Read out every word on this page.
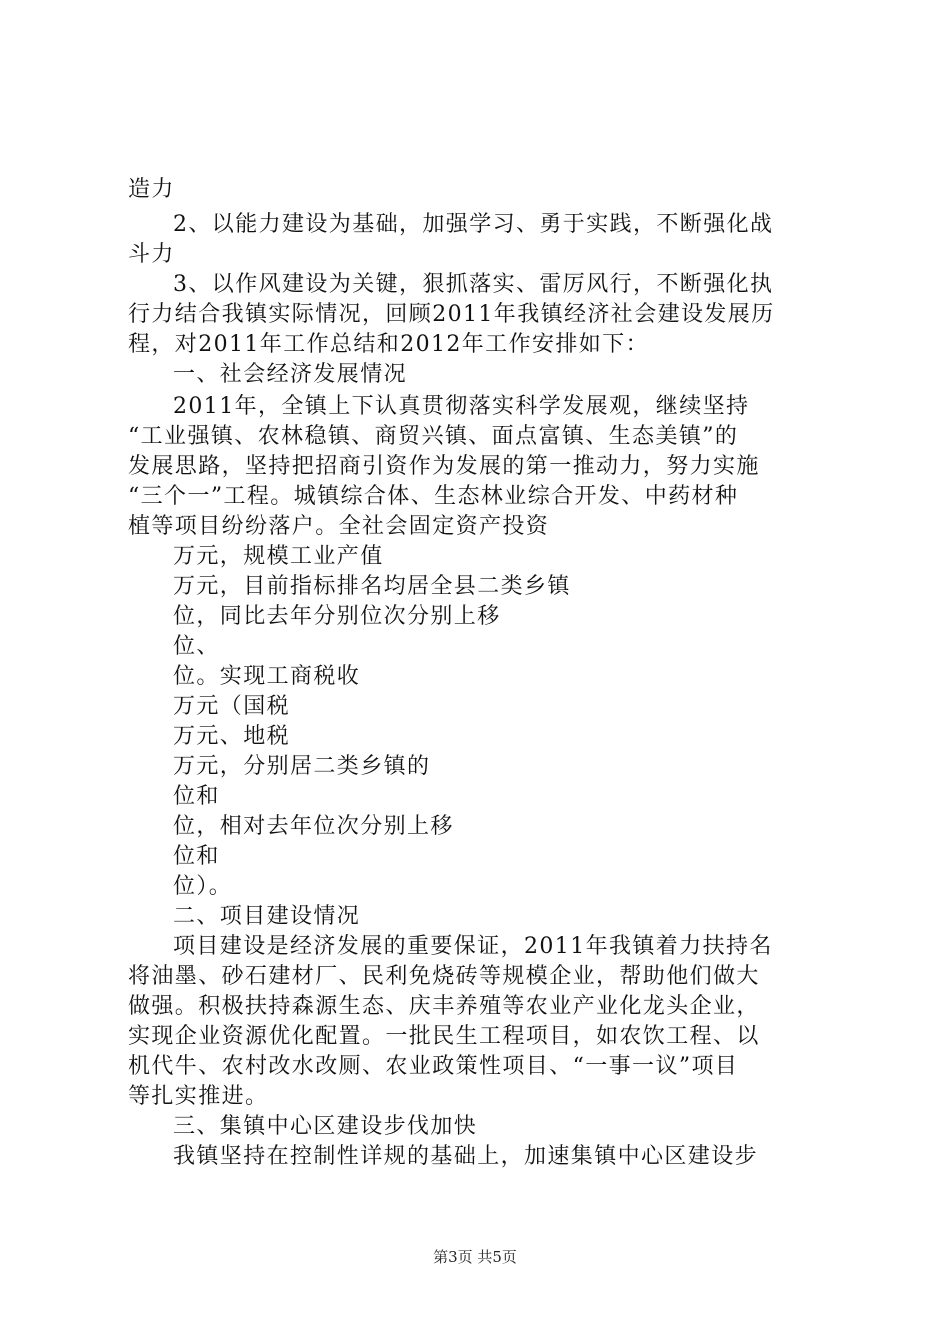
造力
2、以能力建设为基础，加强学习、勇于实践，不断强化战
斗力
3、以作风建设为关键，狠抓落实、雷厉风行，不断强化执
行力结合我镇实际情况，回顾2011年我镇经济社会建设发展历
程，对2011年工作总结和2012年工作安排如下：
一、社会经济发展情况
2011年，全镇上下认真贯彻落实科学发展观，继续坚持
“工业强镇、农林稳镇、商贸兴镇、面点富镇、生态美镇”的
发展思路，坚持把招商引资作为发展的第一推动力，努力实施
“三个一”工程。城镇综合体、生态林业综合开发、中药材种
植等项目纷纷落户。全社会固定资产投资
万元，规模工业产值
万元，目前指标排名均居全县二类乡镇
位，同比去年分别位次分别上移
位、
位。实现工商税收
万元（国税
万元、地税
万元，分别居二类乡镇的
位和
位，相对去年位次分别上移
位和
位）。
二、项目建设情况
项目建设是经济发展的重要保证，2011年我镇着力扶持名
将油墨、砂石建材厂、民利免烧砖等规模企业，帮助他们做大
做强。积极扶持森源生态、庆丰养殖等农业产业化龙头企业，
实现企业资源优化配置。一批民生工程项目，如农饮工程、以
机代牛、农村改水改厕、农业政策性项目、“一事一议”项目
等扎实推进。
三、集镇中心区建设步伐加快
我镇坚持在控制性详规的基础上，加速集镇中心区建设步
第3页 共5页
